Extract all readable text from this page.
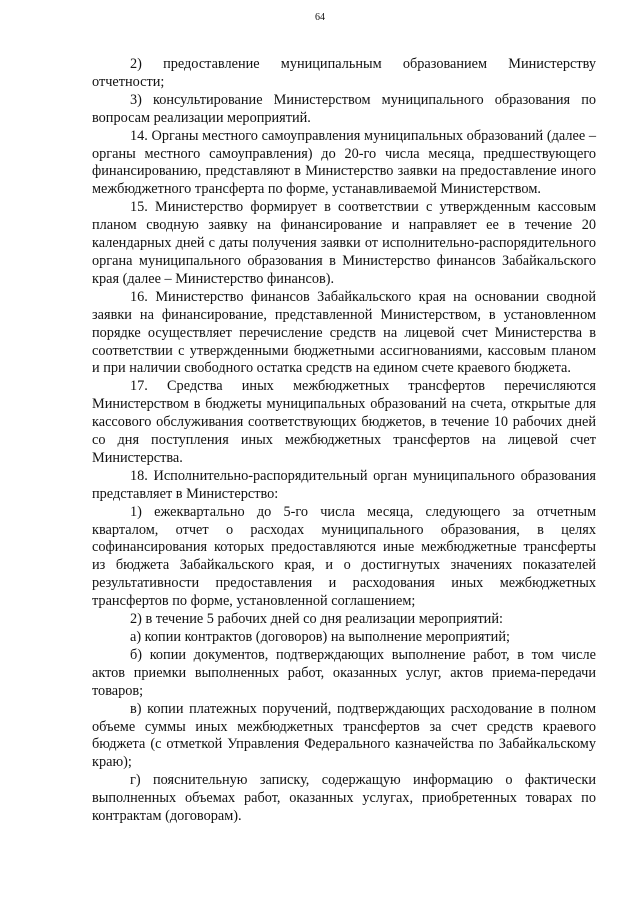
64

2) предоставление муниципальным образованием Министерству отчетности;

3) консультирование Министерством муниципального образования по вопросам реализации мероприятий.

14. Органы местного самоуправления муниципальных образований (далее – органы местного самоуправления) до 20-го числа месяца, предшествующего финансированию, представляют в Министерство заявки на предоставление иного межбюджетного трансферта по форме, устанавливаемой Министерством.

15. Министерство формирует в соответствии с утвержденным кассовым планом сводную заявку на финансирование и направляет ее в течение 20 календарных дней с даты получения заявки от исполнительно-распорядительного органа муниципального образования в Министерство финансов Забайкальского края (далее – Министерство финансов).

16. Министерство финансов Забайкальского края на основании сводной заявки на финансирование, представленной Министерством, в установленном порядке осуществляет перечисление средств на лицевой счет Министерства в соответствии с утвержденными бюджетными ассигнованиями, кассовым планом и при наличии свободного остатка средств на едином счете краевого бюджета.

17. Средства иных межбюджетных трансфертов перечисляются Министерством в бюджеты муниципальных образований на счета, открытые для кассового обслуживания соответствующих бюджетов, в течение 10 рабочих дней со дня поступления иных межбюджетных трансфертов на лицевой счет Министерства.

18. Исполнительно-распорядительный орган муниципального образования представляет в Министерство:

1) ежеквартально до 5-го числа месяца, следующего за отчетным кварталом, отчет о расходах муниципального образования, в целях софинансирования которых предоставляются иные межбюджетные трансферты из бюджета Забайкальского края, и о достигнутых значениях показателей результативности предоставления и расходования иных межбюджетных трансфертов по форме, установленной соглашением;

2) в течение 5 рабочих дней со дня реализации мероприятий:

а) копии контрактов (договоров) на выполнение мероприятий;

б) копии документов, подтверждающих выполнение работ, в том числе актов приемки выполненных работ, оказанных услуг, актов приема-передачи товаров;

в) копии платежных поручений, подтверждающих расходование в полном объеме суммы иных межбюджетных трансфертов за счет средств краевого бюджета (с отметкой Управления Федерального казначейства по Забайкальскому краю);

г) пояснительную записку, содержащую информацию о фактически выполненных объемах работ, оказанных услугах, приобретенных товарах по контрактам (договорам).
